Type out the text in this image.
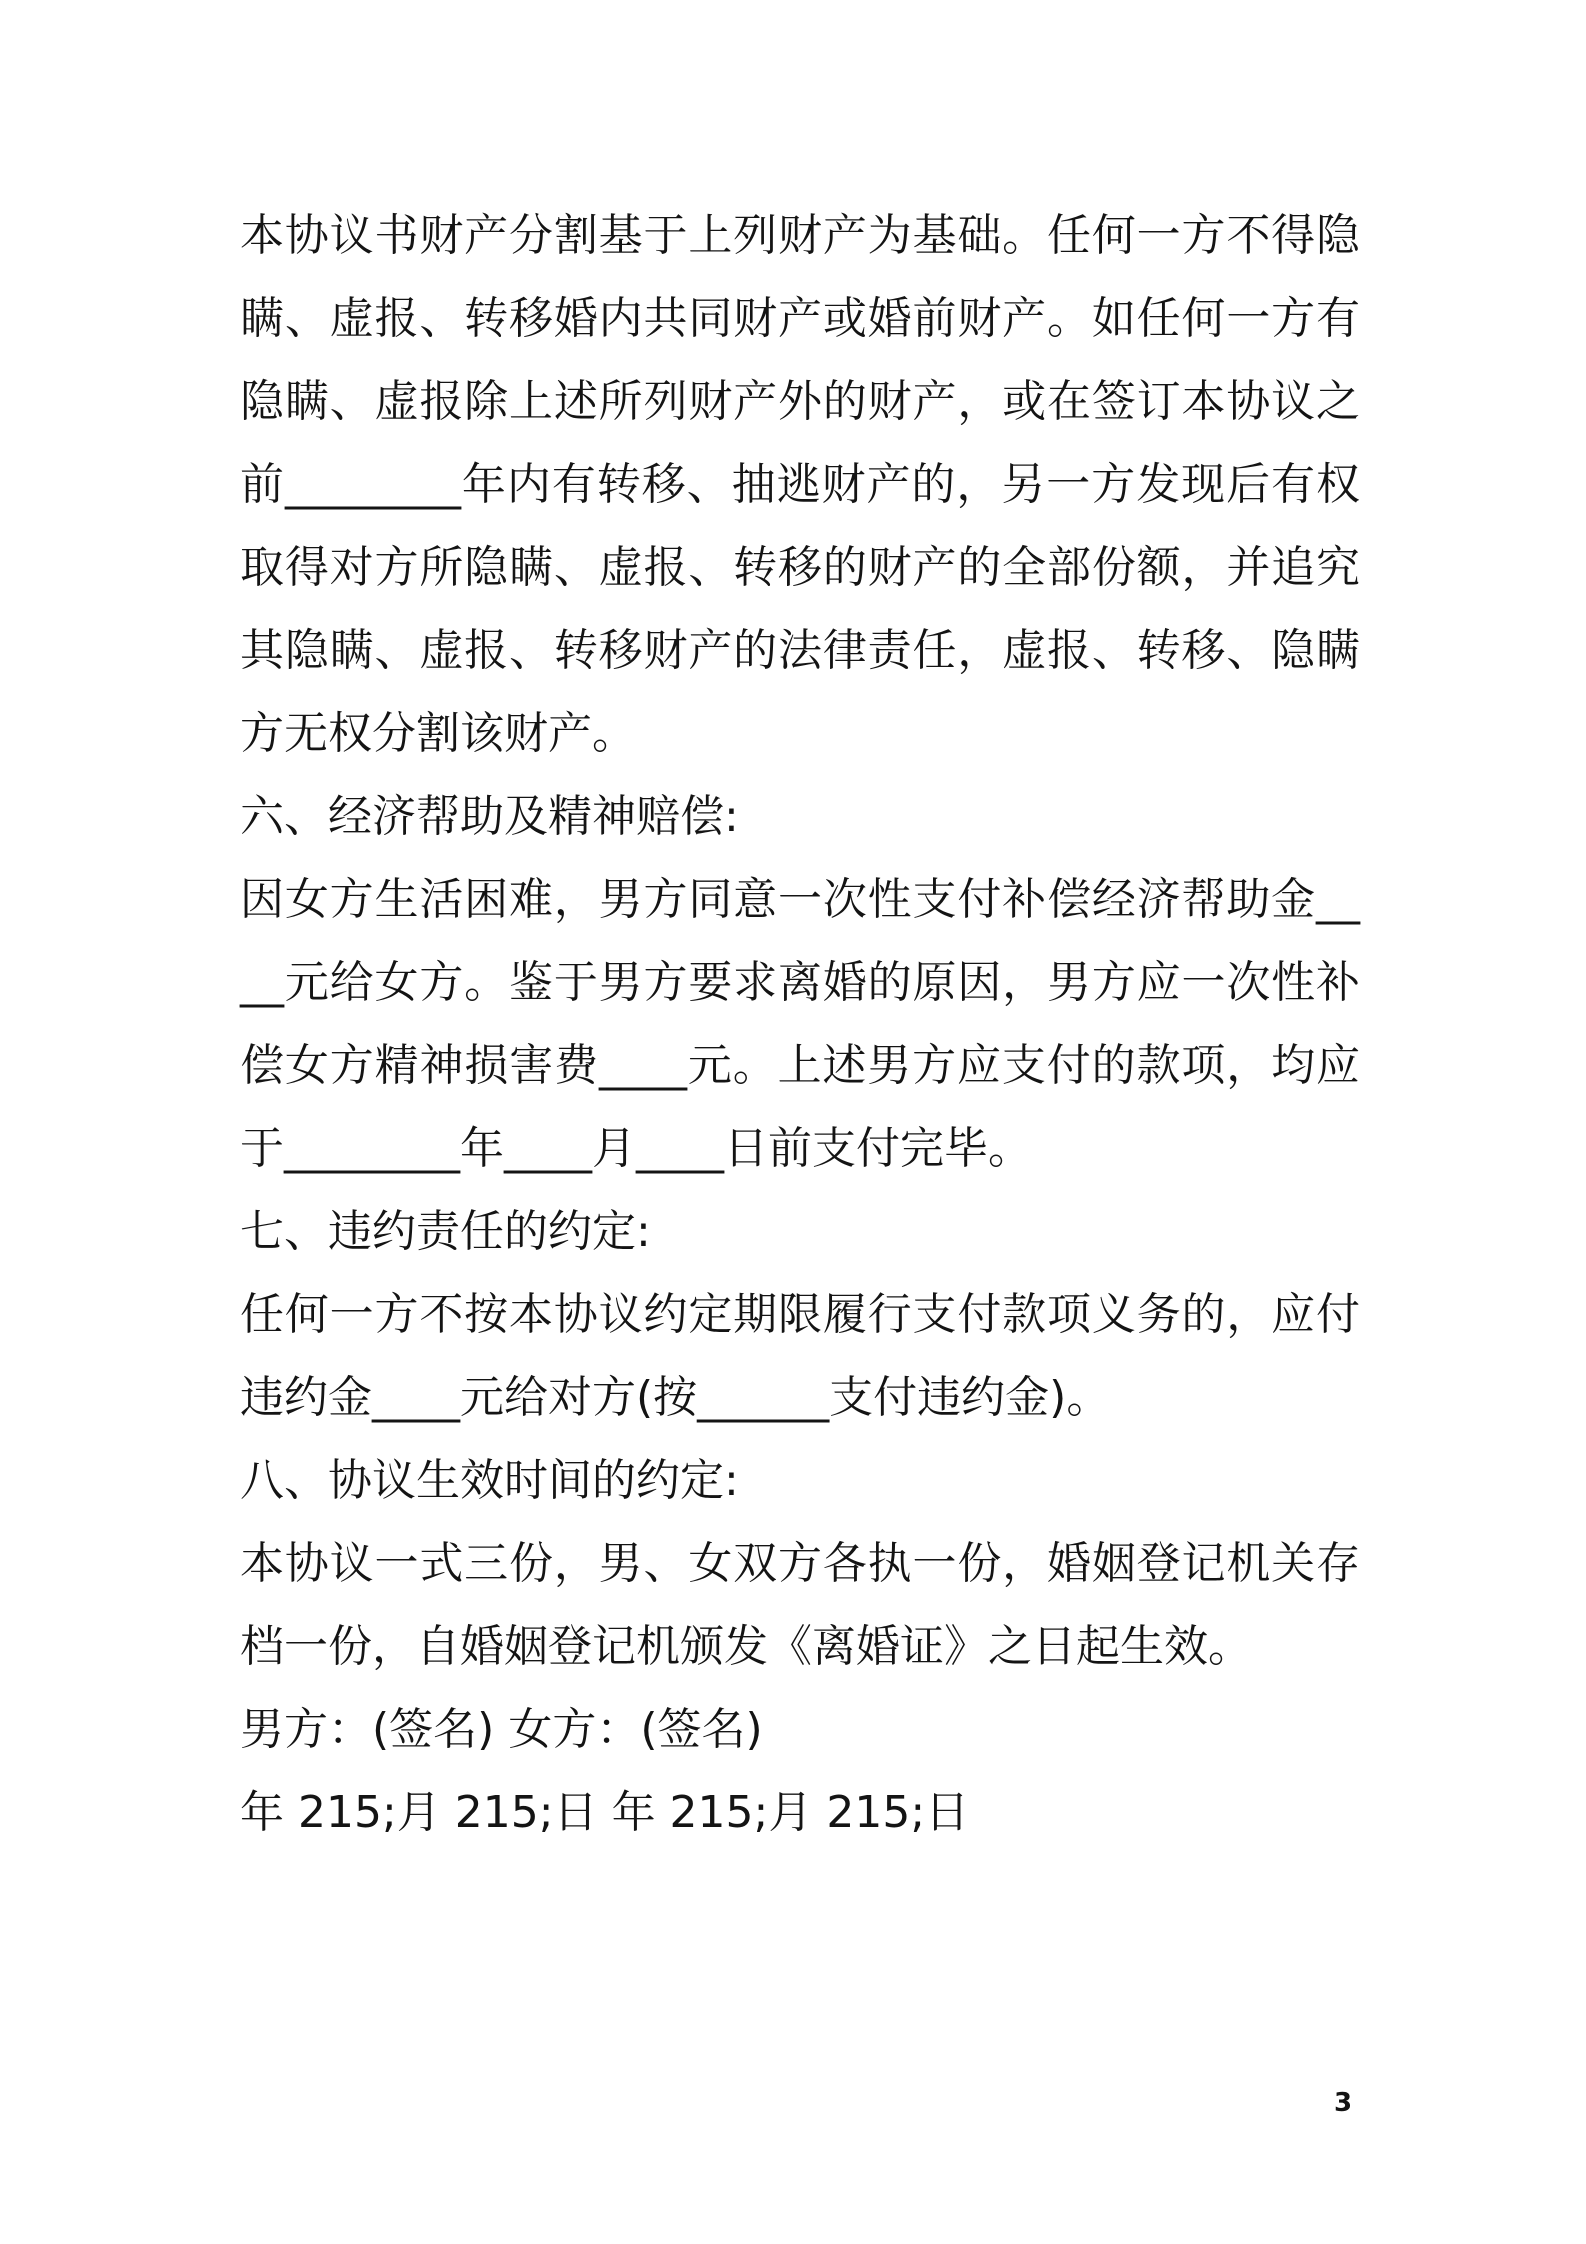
本协议书财产分割基于上列财产为基础。任何一方不得隐瞒、虚报、转移婚内共同财产或婚前财产。如任何一方有隐瞒、虚报除上述所列财产外的财产，或在签订本协议之前________年内有转移、抽逃财产的，另一方发现后有权取得对方所隐瞒、虚报、转移的财产的全部份额，并追究其隐瞒、虚报、转移财产的法律责任，虚报、转移、隐瞒方无权分割该财产。

六、经济帮助及精神赔偿:

因女方生活困难，男方同意一次性支付补偿经济帮助金____元给女方。鉴于男方要求离婚的原因，男方应一次性补偿女方精神损害费____元。上述男方应支付的款项，均应于________年____月____日前支付完毕。

七、违约责任的约定:

任何一方不按本协议约定期限履行支付款项义务的，应付违约金____元给对方(按______支付违约金)。

八、协议生效时间的约定:

本协议一式三份，男、女双方各执一份，婚姻登记机关存档一份，自婚姻登记机颁发《离婚证》之日起生效。

男方：(签名) 女方：(签名)

年 215;月 215;日 年 215;月 215;日

3
